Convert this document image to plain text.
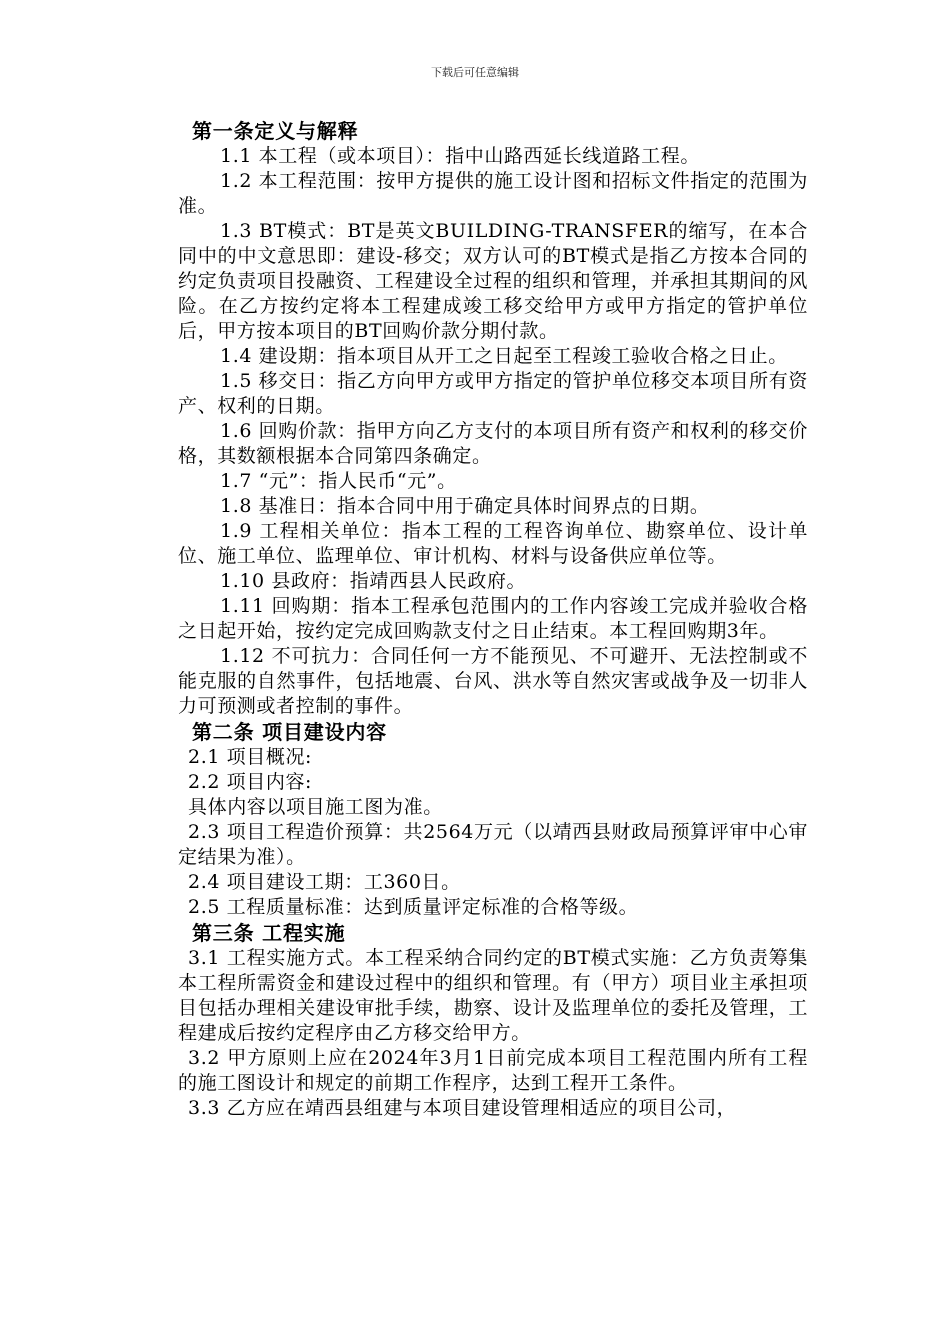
下载后可任意编辑
第一条定义与解释
1.1 本工程（或本项目）：指中山路西延长线道路工程。
1.2 本工程范围：按甲方提供的施工设计图和招标文件指定的范围为准。
1.3 BT模式：BT是英文BUILDING-TRANSFER的缩写，在本合同中的中文意思即：建设-移交；双方认可的BT模式是指乙方按本合同的约定负责项目投融资、工程建设全过程的组织和管理，并承担其期间的风险。在乙方按约定将本工程建成竣工移交给甲方或甲方指定的管护单位后，甲方按本项目的BT回购价款分期付款。
1.4 建设期：指本项目从开工之日起至工程竣工验收合格之日止。
1.5 移交日：指乙方向甲方或甲方指定的管护单位移交本项目所有资产、权利的日期。
1.6 回购价款：指甲方向乙方支付的本项目所有资产和权利的移交价格，其数额根据本合同第四条确定。
1.7 “元”：指人民币“元”。
1.8 基准日：指本合同中用于确定具体时间界点的日期。
1.9 工程相关单位：指本工程的工程咨询单位、勘察单位、设计单位、施工单位、监理单位、审计机构、材料与设备供应单位等。
1.10 县政府：指靖西县人民政府。
1.11 回购期：指本工程承包范围内的工作内容竣工完成并验收合格之日起开始，按约定完成回购款支付之日止结束。本工程回购期3年。
1.12 不可抗力：合同任何一方不能预见、不可避开、无法控制或不能克服的自然事件，包括地震、台风、洪水等自然灾害或战争及一切非人力可预测或者控制的事件。
第二条 项目建设内容
2.1 项目概况:
2.2 项目内容:
具体内容以项目施工图为准。
2.3 项目工程造价预算：共2564万元（以靖西县财政局预算评审中心审定结果为准）。
2.4 项目建设工期：工360日。
2.5 工程质量标准：达到质量评定标准的合格等级。
第三条 工程实施
3.1 工程实施方式。本工程采纳合同约定的BT模式实施：乙方负责筹集本工程所需资金和建设过程中的组织和管理。有（甲方）项目业主承担项目包括办理相关建设审批手续，勘察、设计及监理单位的委托及管理，工程建成后按约定程序由乙方移交给甲方。
3.2 甲方原则上应在2024年3月1日前完成本项目工程范围内所有工程的施工图设计和规定的前期工作程序，达到工程开工条件。
3.3 乙方应在靖西县组建与本项目建设管理相适应的项目公司，
